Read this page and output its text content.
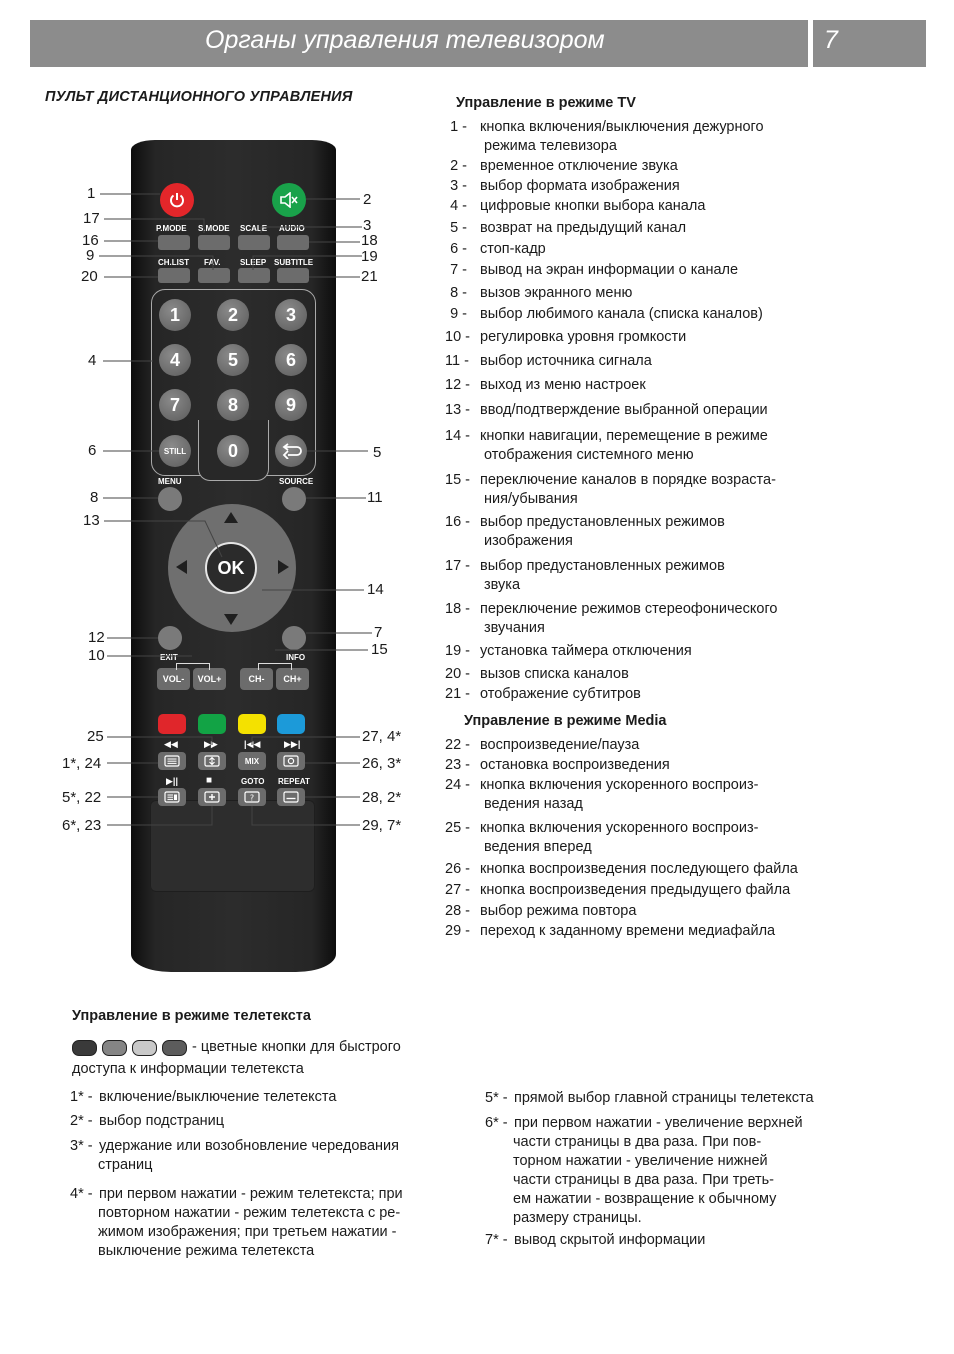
Органы управления телевизором	7
ПУЛЬТ ДИСТАНЦИОННОГО УПРАВЛЕНИЯ
P.MODE S.MODE SCALE AUDIO
CH.LIST FAV. SLEEP SUBTITLE
1	2	3
4	5	6
7	8	9
0
STILL
MENU	SOURCE
OK
EXIT	INFO
VOL-	VOL+	CH-	CH+
◀◀	▶▶	|◀◀	▶▶|
MIX
▶||	■	GOTO REPEAT
?
1	2
17	3
16	18
9	19
20	21
4
6	5
8	11
13
14
12	7
10	15
25	27, 4*
1*, 24	26, 3*
5*, 22	28, 2*
6*, 23	29, 7*
Управление в режиме TV
1 - кнопка включения/выключения дежурного
режима телевизора
2 - временное отключение звука
3 - выбор формата изображения
4 - цифровые кнопки выбора канала
5 - возврат на предыдущий канал
6 - стоп-кадр
7 - вывод на экран информации о канале
8 - вызов экранного меню
9 - выбор любимого канала (списка каналов)
10 - регулировка уровня громкости
11 - выбор источника сигнала
12 - выход из меню настроек
13 - ввод/подтверждение выбранной операции
14 - кнопки навигации, перемещение в режиме
отображения системного меню
15 - переключение каналов в порядке возраста-
ния/убывания
16 - выбор предустановленных режимов
изображения
17 - выбор предустановленных режимов
звука
18 - переключение режимов стереофонического
звучания
19 - установка таймера отключения
20 - вызов списка каналов
21 - отображение субтитров
Управление в режиме Media
22 - воспроизведение/пауза
23 - остановка воспроизведения
24 - кнопка включения ускоренного воспроиз-
ведения назад
25 - кнопка включения ускоренного воспроиз-
ведения вперед
26 - кнопка воспроизведения последующего файла
27 - кнопка воспроизведения предыдущего файла
28 - выбор режима повтора
29 - переход к заданному времени медиафайла
Управление в режиме телетекста
- цветные кнопки для быстрого
доступа к информации телетекста
1* - включение/выключение телетекста
2* - выбор подстраниц
3* - удержание или возобновление чередования
страниц
4* - при первом нажатии - режим телетекста; при
повторном нажатии - режим телетекста с ре-
жимом изображения; при третьем нажатии -
выключение режима телетекста
5* - прямой выбор главной страницы телетекста
6* - при первом нажатии - увеличение верхней
части страницы в два раза. При пов-
торном нажатии - увеличение нижней
части страницы в два раза. При треть-
ем нажатии - возвращение к обычному
размеру страницы.
7* - вывод скрытой информации
